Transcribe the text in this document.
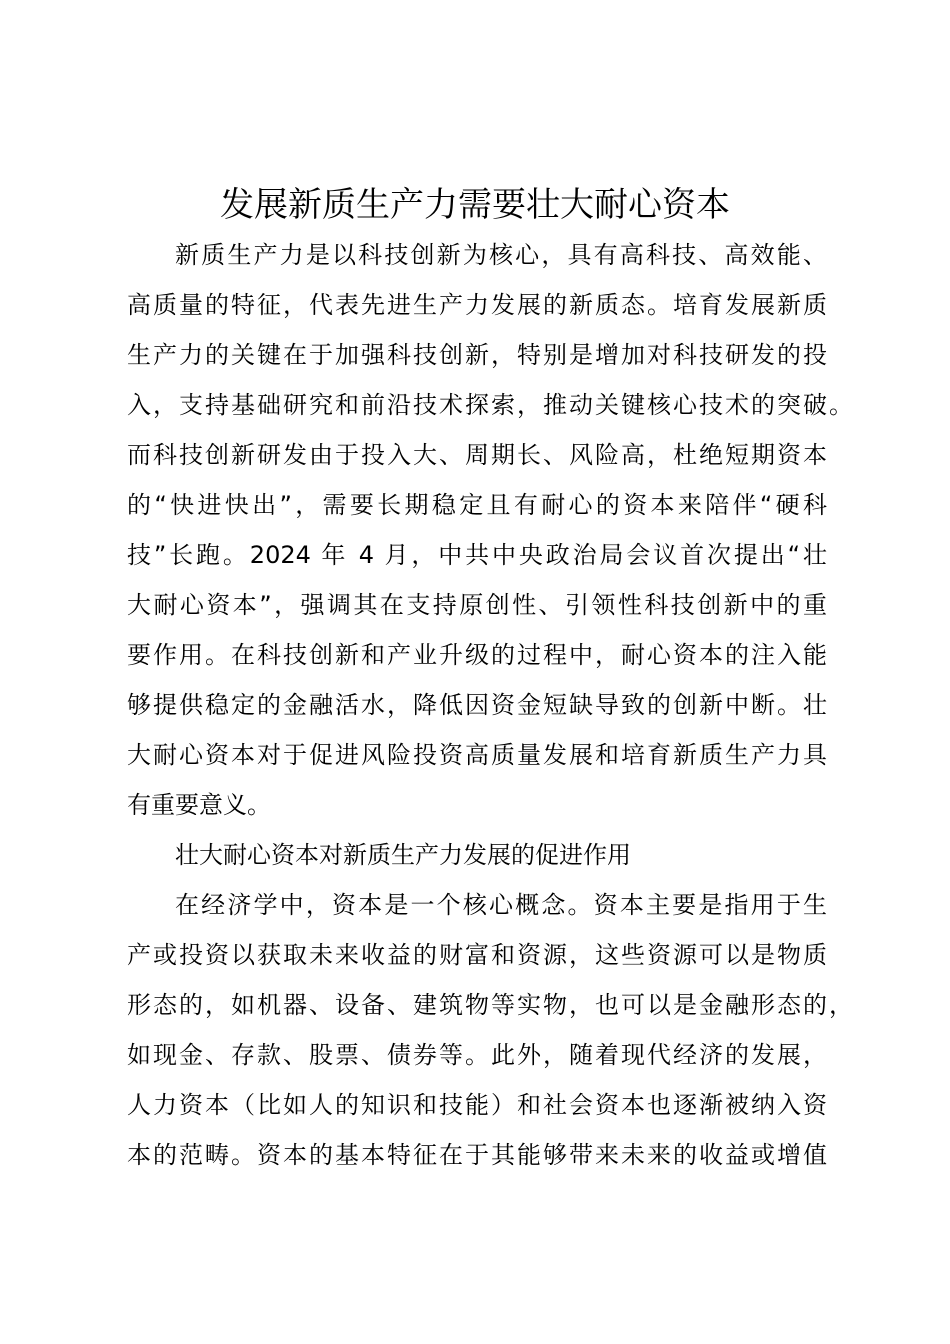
发展新质生产力需要壮大耐心资本
新质生产力是以科技创新为核心，具有高科技、高效能、
高质量的特征，代表先进生产力发展的新质态。培育发展新质
生产力的关键在于加强科技创新，特别是增加对科技研发的投
入，支持基础研究和前沿技术探索，推动关键核心技术的突破。
而科技创新研发由于投入大、周期长、风险高，杜绝短期资本
的“快进快出”，需要长期稳定且有耐心的资本来陪伴“硬科
技”长跑。2024 年 4 月，中共中央政治局会议首次提出“壮
大耐心资本”，强调其在支持原创性、引领性科技创新中的重
要作用。在科技创新和产业升级的过程中，耐心资本的注入能
够提供稳定的金融活水，降低因资金短缺导致的创新中断。壮
大耐心资本对于促进风险投资高质量发展和培育新质生产力具
有重要意义。
壮大耐心资本对新质生产力发展的促进作用
在经济学中，资本是一个核心概念。资本主要是指用于生
产或投资以获取未来收益的财富和资源，这些资源可以是物质
形态的，如机器、设备、建筑物等实物，也可以是金融形态的，
如现金、存款、股票、债券等。此外，随着现代经济的发展，
人力资本（比如人的知识和技能）和社会资本也逐渐被纳入资
本的范畴。资本的基本特征在于其能够带来未来的收益或增值
